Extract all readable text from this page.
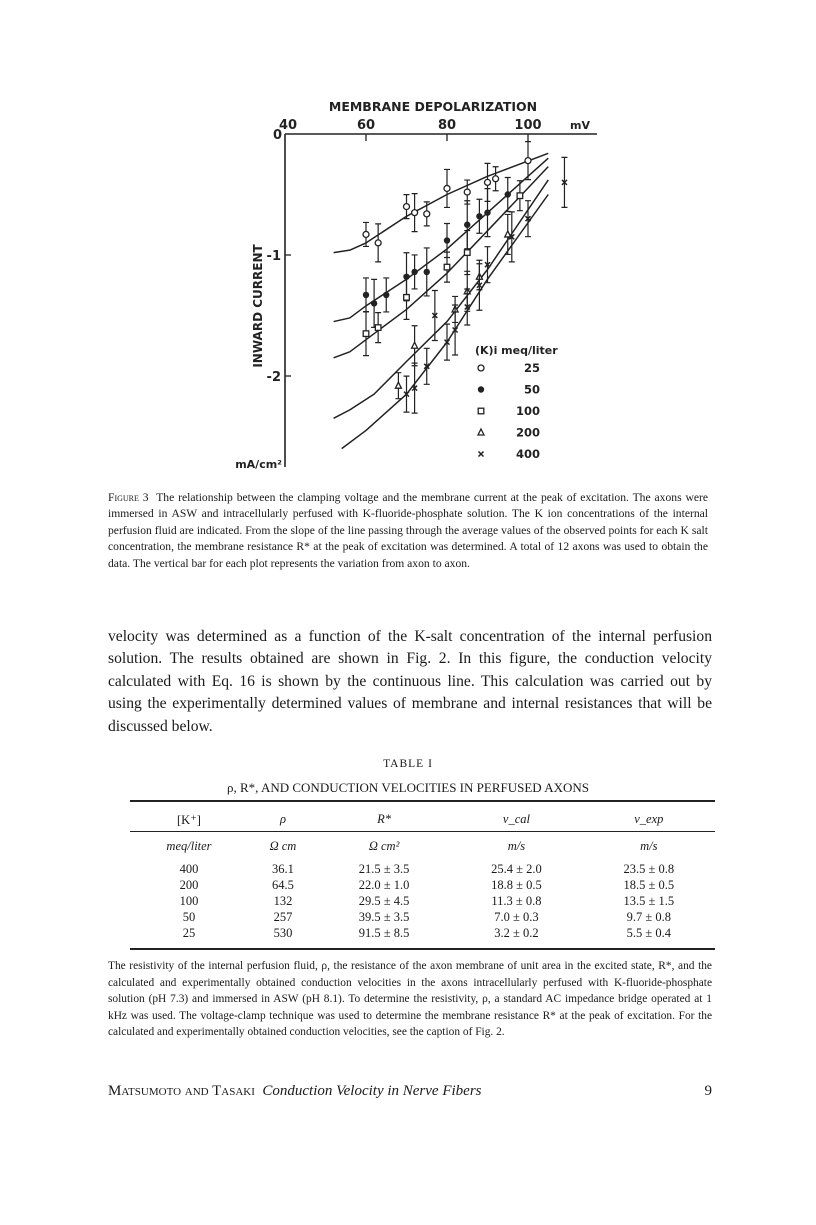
MEMBRANE DEPOLARIZATION
40	60	80	100	mV
0
-1
-2
INWARD CURRENT
mA/cm²
25
50
100
200
400
(K)i meq/liter
Figure 3 The relationship between the clamping voltage and the membrane current at the peak of excitation. The axons were immersed in ASW and intracellularly perfused with K-fluoride-phosphate solution. The K ion concentrations of the internal perfusion fluid are indicated. From the slope of the line passing through the average values of the observed points for each K salt concentration, the membrane resistance R* at the peak of excitation was determined. A total of 12 axons was used to obtain the data. The vertical bar for each plot represents the variation from axon to axon.
velocity was determined as a function of the K-salt concentration of the internal perfusion solution. The results obtained are shown in Fig. 2. In this figure, the conduction velocity calculated with Eq. 16 is shown by the continuous line. This calculation was carried out by using the experimentally determined values of membrane and internal resistances that will be discussed below.
TABLE I
ρ, R*, AND CONDUCTION VELOCITIES IN PERFUSED AXONS
[K⁺]	ρ	R*	v_cal	v_exp
meq/liter	Ω cm	Ω cm²	m/s	m/s
400	36.1	21.5 ± 3.5	25.4 ± 2.0	23.5 ± 0.8
200	64.5	22.0 ± 1.0	18.8 ± 0.5	18.5 ± 0.5
100	132	29.5 ± 4.5	11.3 ± 0.8	13.5 ± 1.5
50	257	39.5 ± 3.5	7.0 ± 0.3	9.7 ± 0.8
25	530	91.5 ± 8.5	3.2 ± 0.2	5.5 ± 0.4
The resistivity of the internal perfusion fluid, ρ, the resistance of the axon membrane of unit area in the excited state, R*, and the calculated and experimentally obtained conduction velocities in the axons intracellularly perfused with K-fluoride-phosphate solution (pH 7.3) and immersed in ASW (pH 8.1). To determine the resistivity, ρ, a standard AC impedance bridge operated at 1 kHz was used. The voltage-clamp technique was used to determine the membrane resistance R* at the peak of excitation. For the calculated and experimentally obtained conduction velocities, see the caption of Fig. 2.
Matsumoto and Tasaki Conduction Velocity in Nerve Fibers	9
